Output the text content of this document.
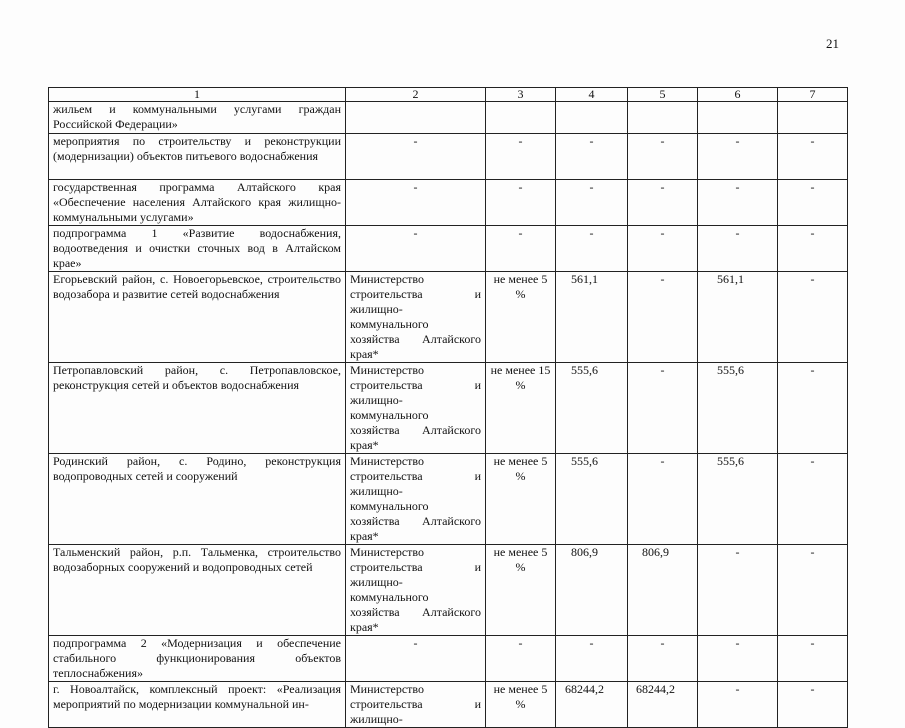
21
1	2	3	4	5	6	7
жильем и коммунальными услугами граждан Российской Федерации»						
мероприятия по строительству и реконструкции (модернизации) объектов питьевого водоснабжения	-	-	-	-	-	-
государственная программа Алтайского края «Обеспечение населения Алтайского края жилищно-коммунальными услугами»	-	-	-	-	-	-
подпрограмма 1 «Развитие водоснабжения, водоотведения и очистки сточных вод в Алтайском крае»	-	-	-	-	-	-
Егорьевский район, с. Новоегорьевское, строительство водозабора и развитие сетей водоснабжения	Министерство строительства и жилищно-коммунального хозяйства Алтайского края*	не менее 5 %	561,1	-	561,1	-
Петропавловский район, с. Петропавловское, реконструкция сетей и объектов водоснабжения	Министерство строительства и жилищно-коммунального хозяйства Алтайского края*	не менее 15 %	555,6	-	555,6	-
Родинский район, с. Родино, реконструкция водопроводных сетей и сооружений	Министерство строительства и жилищно-коммунального хозяйства Алтайского края*	не менее 5 %	555,6	-	555,6	-
Тальменский район, р.п. Тальменка, строительство водозаборных сооружений и водопроводных сетей	Министерство строительства и жилищно-коммунального хозяйства Алтайского края*	не менее 5 %	806,9	806,9	-	-
подпрограмма 2 «Модернизация и обеспечение стабильного функционирования объектов теплоснабжения»	-	-	-	-	-	-
г. Новоалтайск, комплексный проект: «Реализация мероприятий по модернизации коммунальной ин-	Министерство строительства и жилищно-	не менее 5 %	68244,2	68244,2	-	-
